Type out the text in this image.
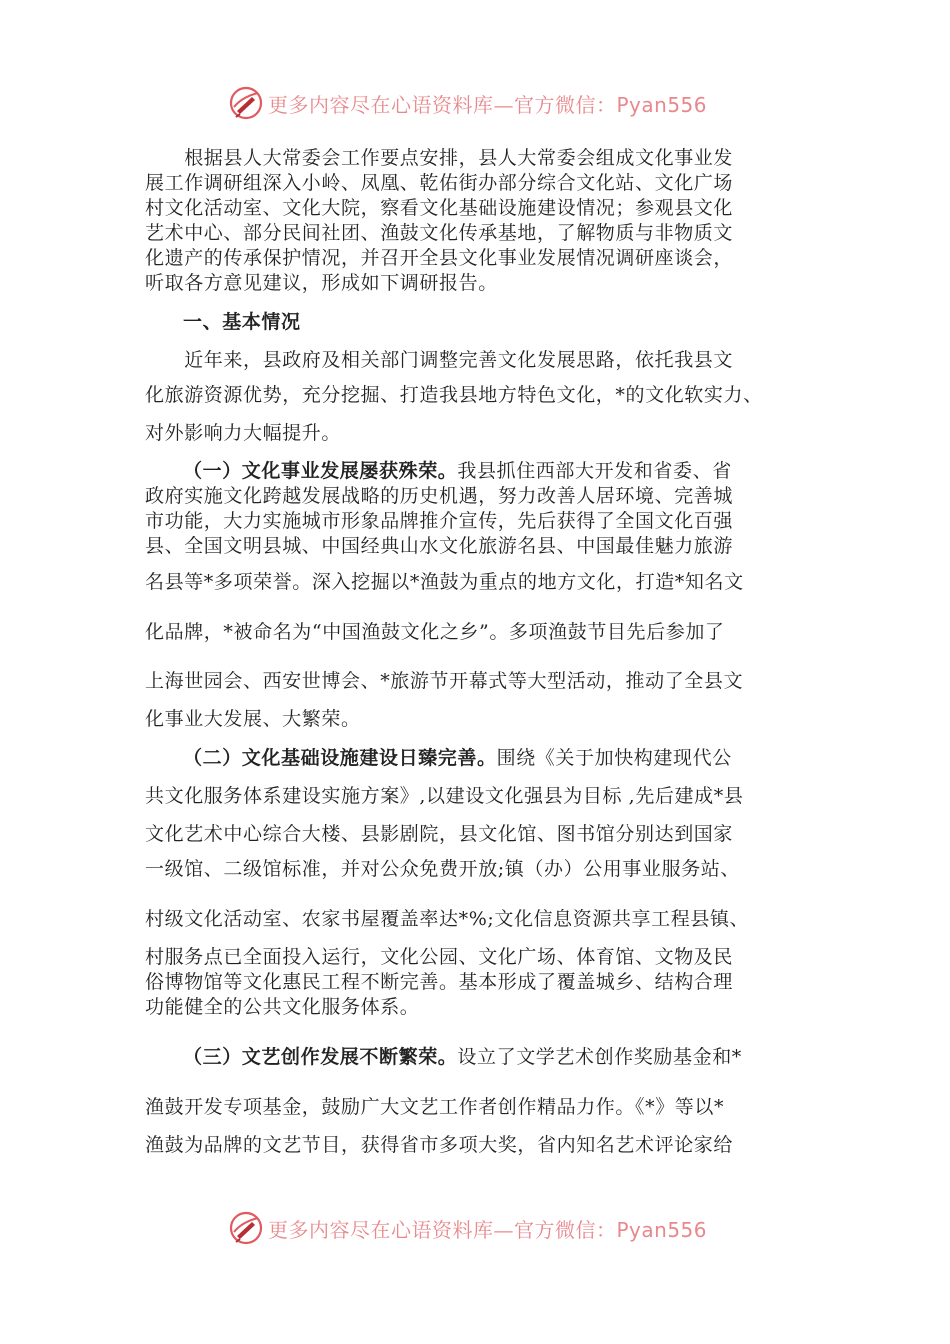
更多内容尽在心语资料库—官方微信：Pyan556
　　根据县人大常委会工作要点安排，县人大常委会组成文化事业发
展工作调研组深入小岭、凤凰、乾佑街办部分综合文化站、文化广场
村文化活动室、文化大院，察看文化基础设施建设情况；参观县文化
艺术中心、部分民间社团、渔鼓文化传承基地，了解物质与非物质文
化遗产的传承保护情况，并召开全县文化事业发展情况调研座谈会，
听取各方意见建议，形成如下调研报告。
一、基本情况
　　近年来，县政府及相关部门调整完善文化发展思路，依托我县文
化旅游资源优势，充分挖掘、打造我县地方特色文化，*的文化软实力、
对外影响力大幅提升。
（一）文化事业发展屡获殊荣。我县抓住西部大开发和省委、省
政府实施文化跨越发展战略的历史机遇，努力改善人居环境、完善城
市功能，大力实施城市形象品牌推介宣传，先后获得了全国文化百强
县、全国文明县城、中国经典山水文化旅游名县、中国最佳魅力旅游
名县等*多项荣誉。深入挖掘以*渔鼓为重点的地方文化，打造*知名文
化品牌，*被命名为“中国渔鼓文化之乡”。多项渔鼓节目先后参加了
上海世园会、西安世博会、*旅游节开幕式等大型活动，推动了全县文
化事业大发展、大繁荣。
（二）文化基础设施建设日臻完善。围绕《关于加快构建现代公
共文化服务体系建设实施方案》,以建设文化强县为目标 ,先后建成*县
文化艺术中心综合大楼、县影剧院，县文化馆、图书馆分别达到国家
一级馆、二级馆标准，并对公众免费开放;镇（办）公用事业服务站、
村级文化活动室、农家书屋覆盖率达*%;文化信息资源共享工程县镇、
村服务点已全面投入运行，文化公园、文化广场、体育馆、文物及民
俗博物馆等文化惠民工程不断完善。基本形成了覆盖城乡、结构合理
功能健全的公共文化服务体系。
（三）文艺创作发展不断繁荣。设立了文学艺术创作奖励基金和*
渔鼓开发专项基金，鼓励广大文艺工作者创作精品力作。《*》等以*
渔鼓为品牌的文艺节目，获得省市多项大奖，省内知名艺术评论家给
更多内容尽在心语资料库—官方微信：Pyan556
